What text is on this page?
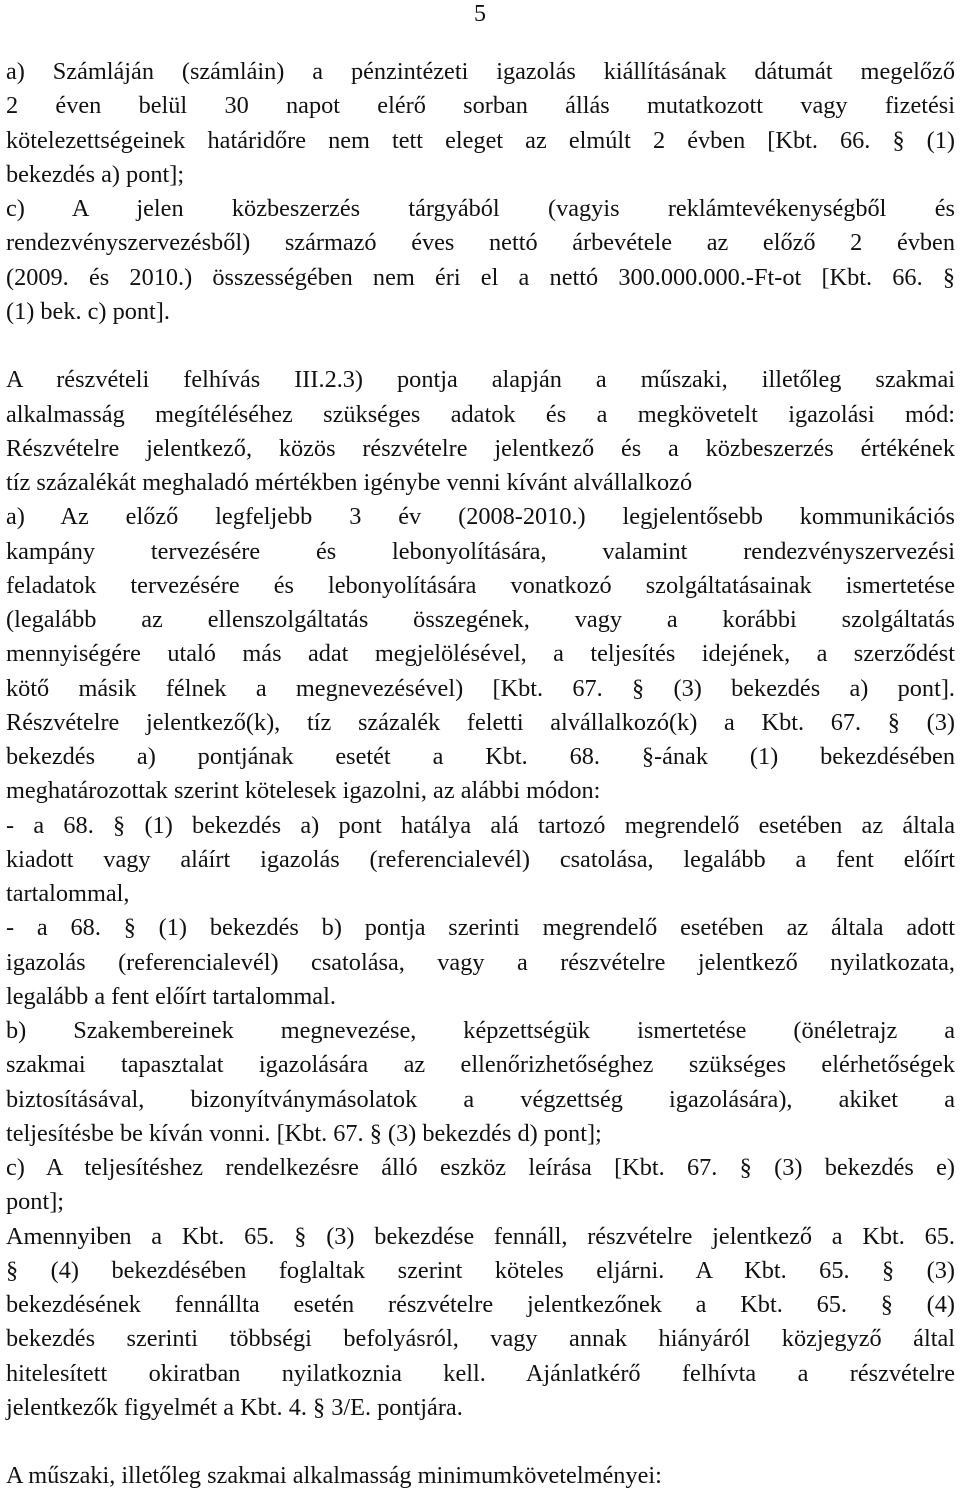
5
a) Számláján (számláin) a pénzintézeti igazolás kiállításának dátumát megelőző
2 éven belül 30 napot elérő sorban állás mutatkozott vagy fizetési
kötelezettségeinek határidőre nem tett eleget az elmúlt 2 évben [Kbt. 66. § (1)
bekezdés a) pont];
c) A jelen közbeszerzés tárgyából (vagyis reklámtevékenységből és
rendezvényszervezésből) származó éves nettó árbevétele az előző 2 évben
(2009. és 2010.) összességében nem éri el a nettó 300.000.000.-Ft-ot [Kbt. 66. §
(1) bek. c) pont].
A részvételi felhívás III.2.3) pontja alapján a műszaki, illetőleg szakmai
alkalmasság megítéléséhez szükséges adatok és a megkövetelt igazolási mód:
Részvételre jelentkező, közös részvételre jelentkező és a közbeszerzés értékének
tíz százalékát meghaladó mértékben igénybe venni kívánt alvállalkozó
a) Az előző legfeljebb 3 év (2008-2010.) legjelentősebb kommunikációs
kampány tervezésére és lebonyolítására, valamint rendezvényszervezési
feladatok tervezésére és lebonyolítására vonatkozó szolgáltatásainak ismertetése
(legalább az ellenszolgáltatás összegének, vagy a korábbi szolgáltatás
mennyiségére utaló más adat megjelölésével, a teljesítés idejének, a szerződést
kötő másik félnek a megnevezésével) [Kbt. 67. § (3) bekezdés a) pont].
Részvételre jelentkező(k), tíz százalék feletti alvállalkozó(k) a Kbt. 67. § (3)
bekezdés a) pontjának esetét a Kbt. 68. §-ának (1) bekezdésében
meghatározottak szerint kötelesek igazolni, az alábbi módon:
- a 68. § (1) bekezdés a) pont hatálya alá tartozó megrendelő esetében az általa
kiadott vagy aláírt igazolás (referencialevél) csatolása, legalább a fent előírt
tartalommal,
- a 68. § (1) bekezdés b) pontja szerinti megrendelő esetében az általa adott
igazolás (referencialevél) csatolása, vagy a részvételre jelentkező nyilatkozata,
legalább a fent előírt tartalommal.
b) Szakembereinek megnevezése, képzettségük ismertetése (önéletrajz a
szakmai tapasztalat igazolására az ellenőrizhetőséghez szükséges elérhetőségek
biztosításával, bizonyítványmásolatok a végzettség igazolására), akiket a
teljesítésbe be kíván vonni. [Kbt. 67. § (3) bekezdés d) pont];
c) A teljesítéshez rendelkezésre álló eszköz leírása [Kbt. 67. § (3) bekezdés e)
pont];
Amennyiben a Kbt. 65. § (3) bekezdése fennáll, részvételre jelentkező a Kbt. 65.
§ (4) bekezdésében foglaltak szerint köteles eljárni. A Kbt. 65. § (3)
bekezdésének fennállta esetén részvételre jelentkezőnek a Kbt. 65. § (4)
bekezdés szerinti többségi befolyásról, vagy annak hiányáról közjegyző által
hitelesített okiratban nyilatkoznia kell. Ajánlatkérő felhívta a részvételre
jelentkezők figyelmét a Kbt. 4. § 3/E. pontjára.
A műszaki, illetőleg szakmai alkalmasság minimumkövetelményei:
